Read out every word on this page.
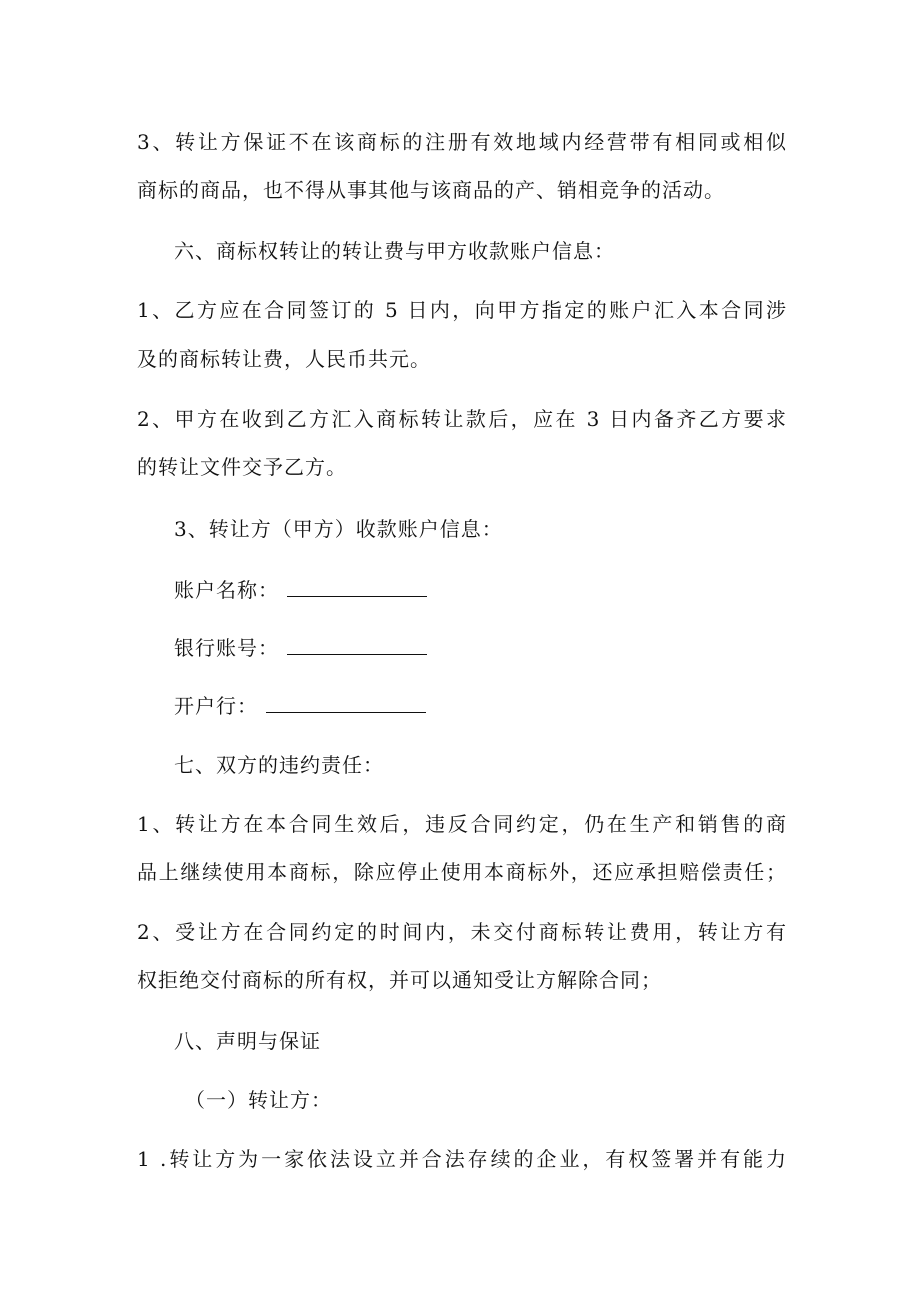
3、转让方保证不在该商标的注册有效地域内经营带有相同或相似
商标的商品，也不得从事其他与该商品的产、销相竞争的活动。
六、商标权转让的转让费与甲方收款账户信息：
1、乙方应在合同签订的 5 日内，向甲方指定的账户汇入本合同涉
及的商标转让费，人民币共元。
2、甲方在收到乙方汇入商标转让款后，应在 3 日内备齐乙方要求
的转让文件交予乙方。
3、转让方（甲方）收款账户信息：
账户名称：
银行账号：
开户行：
七、双方的违约责任：
1、转让方在本合同生效后，违反合同约定，仍在生产和销售的商
品上继续使用本商标，除应停止使用本商标外，还应承担赔偿责任；
2、受让方在合同约定的时间内，未交付商标转让费用，转让方有
权拒绝交付商标的所有权，并可以通知受让方解除合同；
八、声明与保证
（一）转让方：
1 .转让方为一家依法设立并合法存续的企业，有权签署并有能力
